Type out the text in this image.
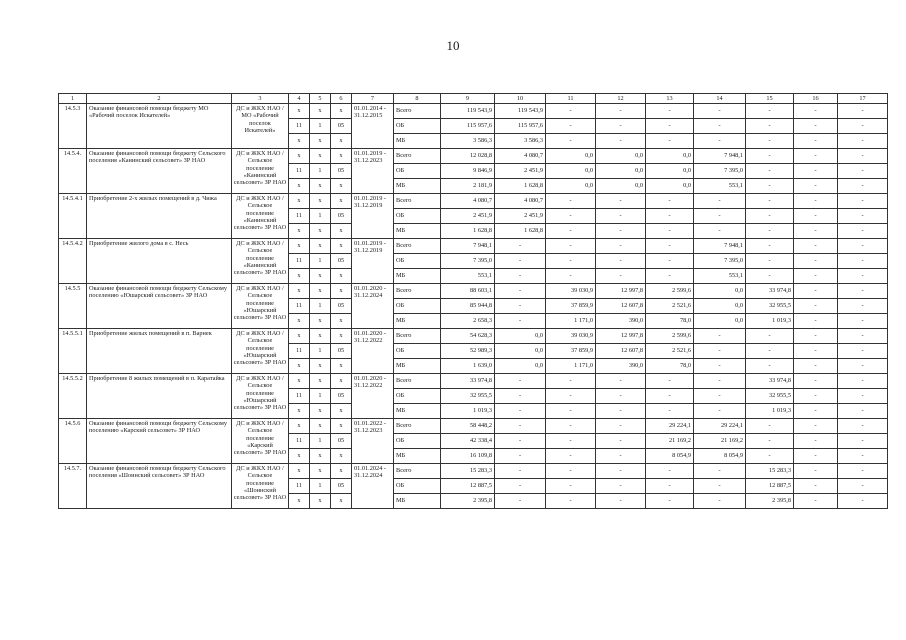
10
1	2	3	4	5	6	7	8	9	10	11	12	13	14	15	16	17
14.5.3	Оказание финансовой помощи бюджету МО «Рабочий поселок Искателей»	ДС и ЖКХ НАО / МО «Рабочий поселок Искателей»	x	x	x	01.01.2014 - 31.12.2015	Всего	119 543,9	119 543,9	-	-	-	-	-	-	-
			11	1	05		ОБ	115 957,6	115 957,6	-	-	-	-	-	-	-
			x	x	x		МБ	3 586,3	3 586,3	-	-	-	-	-	-	-
14.5.4.	Оказание финансовой помощи бюджету Сельского поселения «Канинский сельсовет» ЗР НАО	ДС и ЖКХ НАО / Сельское поселение «Канинский сельсовет» ЗР НАО	x	x	x	01.01.2019 - 31.12.2023	Всего	12 028,8	4 080,7	0,0	0,0	0,0	7 948,1	-	-	-
			11	1	05		ОБ	9 846,9	2 451,9	0,0	0,0	0,0	7 395,0	-	-	-
			x	x	x		МБ	2 181,9	1 628,8	0,0	0,0	0,0	553,1	-	-	-
14.5.4.1	Приобретение 2-х жилых помещений в д. Чижа	ДС и ЖКХ НАО / Сельское поселение «Канинский сельсовет» ЗР НАО	x	x	x	01.01.2019 - 31.12.2019	Всего	4 080,7	4 080,7	-	-	-	-	-	-	-
			11	1	05		ОБ	2 451,9	2 451,9	-	-	-	-	-	-	-
			x	x	x		МБ	1 628,8	1 628,8	-	-	-	-	-	-	-
14.5.4.2	Приобретение жилого дома в с. Несь	ДС и ЖКХ НАО / Сельское поселение «Канинский сельсовет» ЗР НАО	x	x	x	01.01.2019 - 31.12.2019	Всего	7 948,1	-	-	-	-	7 948,1	-	-	-
			11	1	05		ОБ	7 395,0	-	-	-	-	7 395,0	-	-	-
			x	x	x		МБ	553,1	-	-	-	-	553,1	-	-	-
14.5.5	Оказание финансовой помощи бюджету Сельскому поселению «Юшарский сельсовет» ЗР НАО	ДС и ЖКХ НАО / Сельское поселение «Юшарский сельсовет» ЗР НАО	x	x	x	01.01.2020 - 31.12.2024	Всего	88 603,1	-	39 030,9	12 997,8	2 599,6	0,0	33 974,8	-	-
			11	1	05		ОБ	85 944,8	-	37 859,9	12 607,8	2 521,6	0,0	32 955,5	-	-
			x	x	x		МБ	2 658,3	-	1 171,0	390,0	78,0	0,0	1 019,3	-	-
14.5.5.1	Приобретение жилых помещений в п. Варнек	ДС и ЖКХ НАО / Сельское поселение «Юшарский сельсовет» ЗР НАО	x	x	x	01.01.2020 - 31.12.2022	Всего	54 628,3	0,0	39 030,9	12 997,8	2 599,6	-	-	-	-
			11	1	05		ОБ	52 989,3	0,0	37 859,9	12 607,8	2 521,6	-	-	-	-
			x	x	x		МБ	1 639,0	0,0	1 171,0	390,0	78,0	-	-	-	-
14.5.5.2	Приобретение 8 жилых помещений в п. Каратайка	ДС и ЖКХ НАО / Сельское поселение «Юшарский сельсовет» ЗР НАО	x	x	x	01.01.2020 - 31.12.2022	Всего	33 974,8	-	-	-	-	-	33 974,8	-	-
			11	1	05		ОБ	32 955,5	-	-	-	-	-	32 955,5	-	-
			x	x	x		МБ	1 019,3	-	-	-	-	-	1 019,3	-	-
14.5.6	Оказание финансовой помощи бюджету Сельскому поселению «Карский сельсовет» ЗР НАО	ДС и ЖКХ НАО / Сельское поселение «Карский сельсовет» ЗР НАО	x	x	x	01.01.2022 - 31.12.2023	Всего	58 448,2	-	-	-	29 224,1	29 224,1	-	-	-
			11	1	05		ОБ	42 338,4	-	-	-	21 169,2	21 169,2	-	-	-
			x	x	x		МБ	16 109,8	-	-	-	8 054,9	8 054,9	-	-	-
14.5.7.	Оказание финансовой помощи бюджету Сельского поселения «Шоинский сельсовет» ЗР НАО	ДС и ЖКХ НАО / Сельское поселение «Шоинский сельсовет» ЗР НАО	x	x	x	01.01.2024 - 31.12.2024	Всего	15 283,3	-	-	-	-	-	15 283,3	-	-
			11	1	05		ОБ	12 887,5	-	-	-	-	-	12 887,5	-	-
			x	x	x		МБ	2 395,8	-	-	-	-	-	2 395,8	-	-
